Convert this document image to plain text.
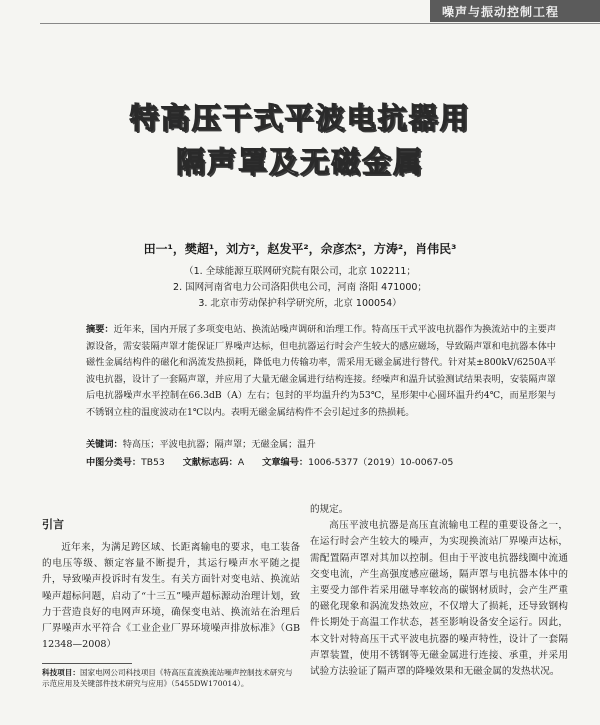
噪声与振动控制工程
特高压干式平波电抗器用
隔声罩及无磁金属
田一¹，樊超¹，刘方²，赵发平²，佘彦杰²，方涛²，肖伟民³
（1. 全球能源互联网研究院有限公司，北京 102211；
2. 国网河南省电力公司洛阳供电公司，河南 洛阳 471000；
3. 北京市劳动保护科学研究所，北京 100054）
摘要：近年来，国内开展了多项变电站、换流站噪声调研和治理工作。特高压干式平波电抗器作为换流站中的主要声源设备，需安装隔声罩才能保证厂界噪声达标，但电抗器运行时会产生较大的感应磁场，导致隔声罩和电抗器本体中磁性金属结构件的磁化和涡流发热损耗，降低电力传输功率，需采用无磁金属进行替代。针对某±800kV/6250A平波电抗器，设计了一套隔声罩，并应用了大量无磁金属进行结构连接。经噪声和温升试验测试结果表明，安装隔声罩后电抗器噪声水平控制在66.3dB（A）左右；包封的平均温升约为53℃，星形架中心圆环温升约4℃，而星形架与不锈钢立柱的温度波动在1℃以内。表明无磁金属结构件不会引起过多的热损耗。
关键词：特高压；平波电抗器；隔声罩；无磁金属；温升
中图分类号：TB53 文献标志码：A 文章编号：1006-5377（2019）10-0067-05
引言

近年来，为满足跨区域、长距离输电的要求，电工装备的电压等级、额定容量不断提升，其运行噪声水平随之提升，导致噪声投诉时有发生。有关方面针对变电站、换流站噪声超标问题，启动了“十三五”噪声超标源动治理计划，致力于营造良好的电网声环境，确保变电站、换流站在治理后厂界噪声水平符合《工业企业厂界环境噪声排放标准》（GB 12348—2008）

的规定。

高压平波电抗器是高压直流输电工程的重要设备之一，在运行时会产生较大的噪声，为实现换流站厂界噪声达标，需配置隔声罩对其加以控制。但由于平波电抗器线圈中流通交变电流，产生高强度感应磁场，隔声罩与电抗器本体中的主要受力部件若采用磁导率较高的碳钢材质时，会产生严重的磁化现象和涡流发热效应，不仅增大了损耗，还导致钢构件长期处于高温工作状态，甚至影响设备安全运行。因此，本文针对特高压干式平波电抗器的噪声特性，设计了一套隔声罩装置，使用不锈钢等无磁金属进行连接、承重，并采用试验方法验证了隔声罩的降噪效果和无磁金属的发热状况。

科技项目：国家电网公司科技项目《特高压直流换流站噪声控制技术研究与示范应用及关键部件技术研究与应用》（5455DW170014）。
